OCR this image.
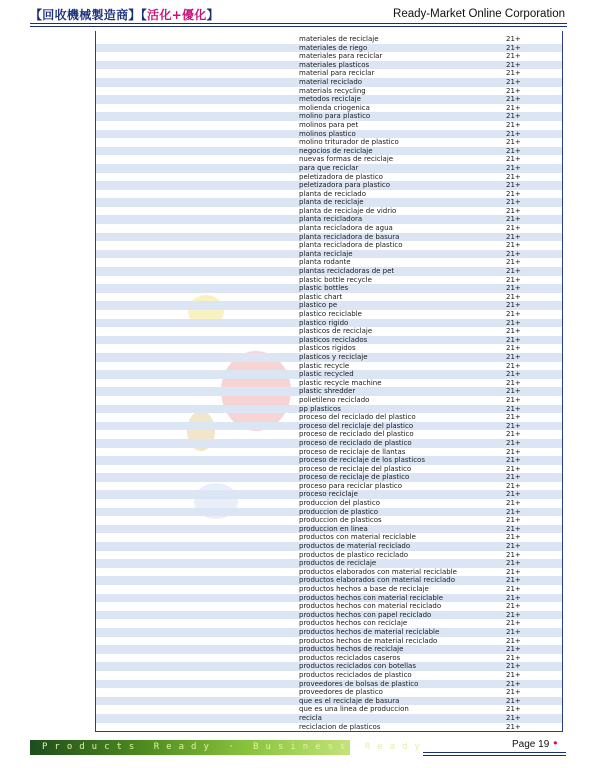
【回收機械製造商】【活化+優化】	Ready-Market Online Corporation
materiales de reciclaje	21+
materiales de riego	21+
materiales para reciclar	21+
materiales plasticos	21+
material para reciclar	21+
material reciclado	21+
materials recycling	21+
metodos reciclaje	21+
molienda criogenica	21+
molino para plastico	21+
molinos para pet	21+
molinos plastico	21+
molino triturador de plastico	21+
negocios de reciclaje	21+
nuevas formas de reciclaje	21+
para que reciclar	21+
peletizadora de plastico	21+
peletizadora para plastico	21+
planta de reciclado	21+
planta de reciclaje	21+
planta de reciclaje de vidrio	21+
planta recicladora	21+
planta recicladora de agua	21+
planta recicladora de basura	21+
planta recicladora de plastico	21+
planta reciclaje	21+
planta rodante	21+
plantas recicladoras de pet	21+
plastic bottle recycle	21+
plastic bottles	21+
plastic chart	21+
plastico pe	21+
plastico reciclable	21+
plastico rigido	21+
plasticos de reciclaje	21+
plasticos reciclados	21+
plasticos rigidos	21+
plasticos y reciclaje	21+
plastic recycle	21+
plastic recycled	21+
plastic recycle machine	21+
plastic shredder	21+
polietileno reciclado	21+
pp plasticos	21+
proceso del reciclado del plastico	21+
proceso del reciclaje del plastico	21+
proceso de reciclado del plastico	21+
proceso de reciclado de plastico	21+
proceso de reciclaje de llantas	21+
proceso de reciclaje de los plasticos	21+
proceso de reciclaje del plastico	21+
proceso de reciclaje de plastico	21+
proceso para reciclar plastico	21+
proceso reciclaje	21+
produccion del plastico	21+
produccion de plastico	21+
produccion de plasticos	21+
produccion en linea	21+
productos con material reciclable	21+
productos de material reciclado	21+
productos de plastico reciclado	21+
productos de reciclaje	21+
productos elaborados con material reciclable	21+
productos elaborados con material reciclado	21+
productos hechos a base de reciclaje	21+
productos hechos con material reciclable	21+
productos hechos con material reciclado	21+
productos hechos con papel reciclado	21+
productos hechos con reciclaje	21+
productos hechos de material reciclable	21+
productos hechos de material reciclado	21+
productos hechos de reciclaje	21+
productos reciclados caseros	21+
productos reciclados con botellas	21+
productos reciclados de plastico	21+
proveedores de bolsas de plastico	21+
proveedores de plastico	21+
que es el reciclaje de basura	21+
que es una linea de produccion	21+
recicla	21+
reciclacion de plasticos	21+
Products Ready · Business Ready	Page 19 •
